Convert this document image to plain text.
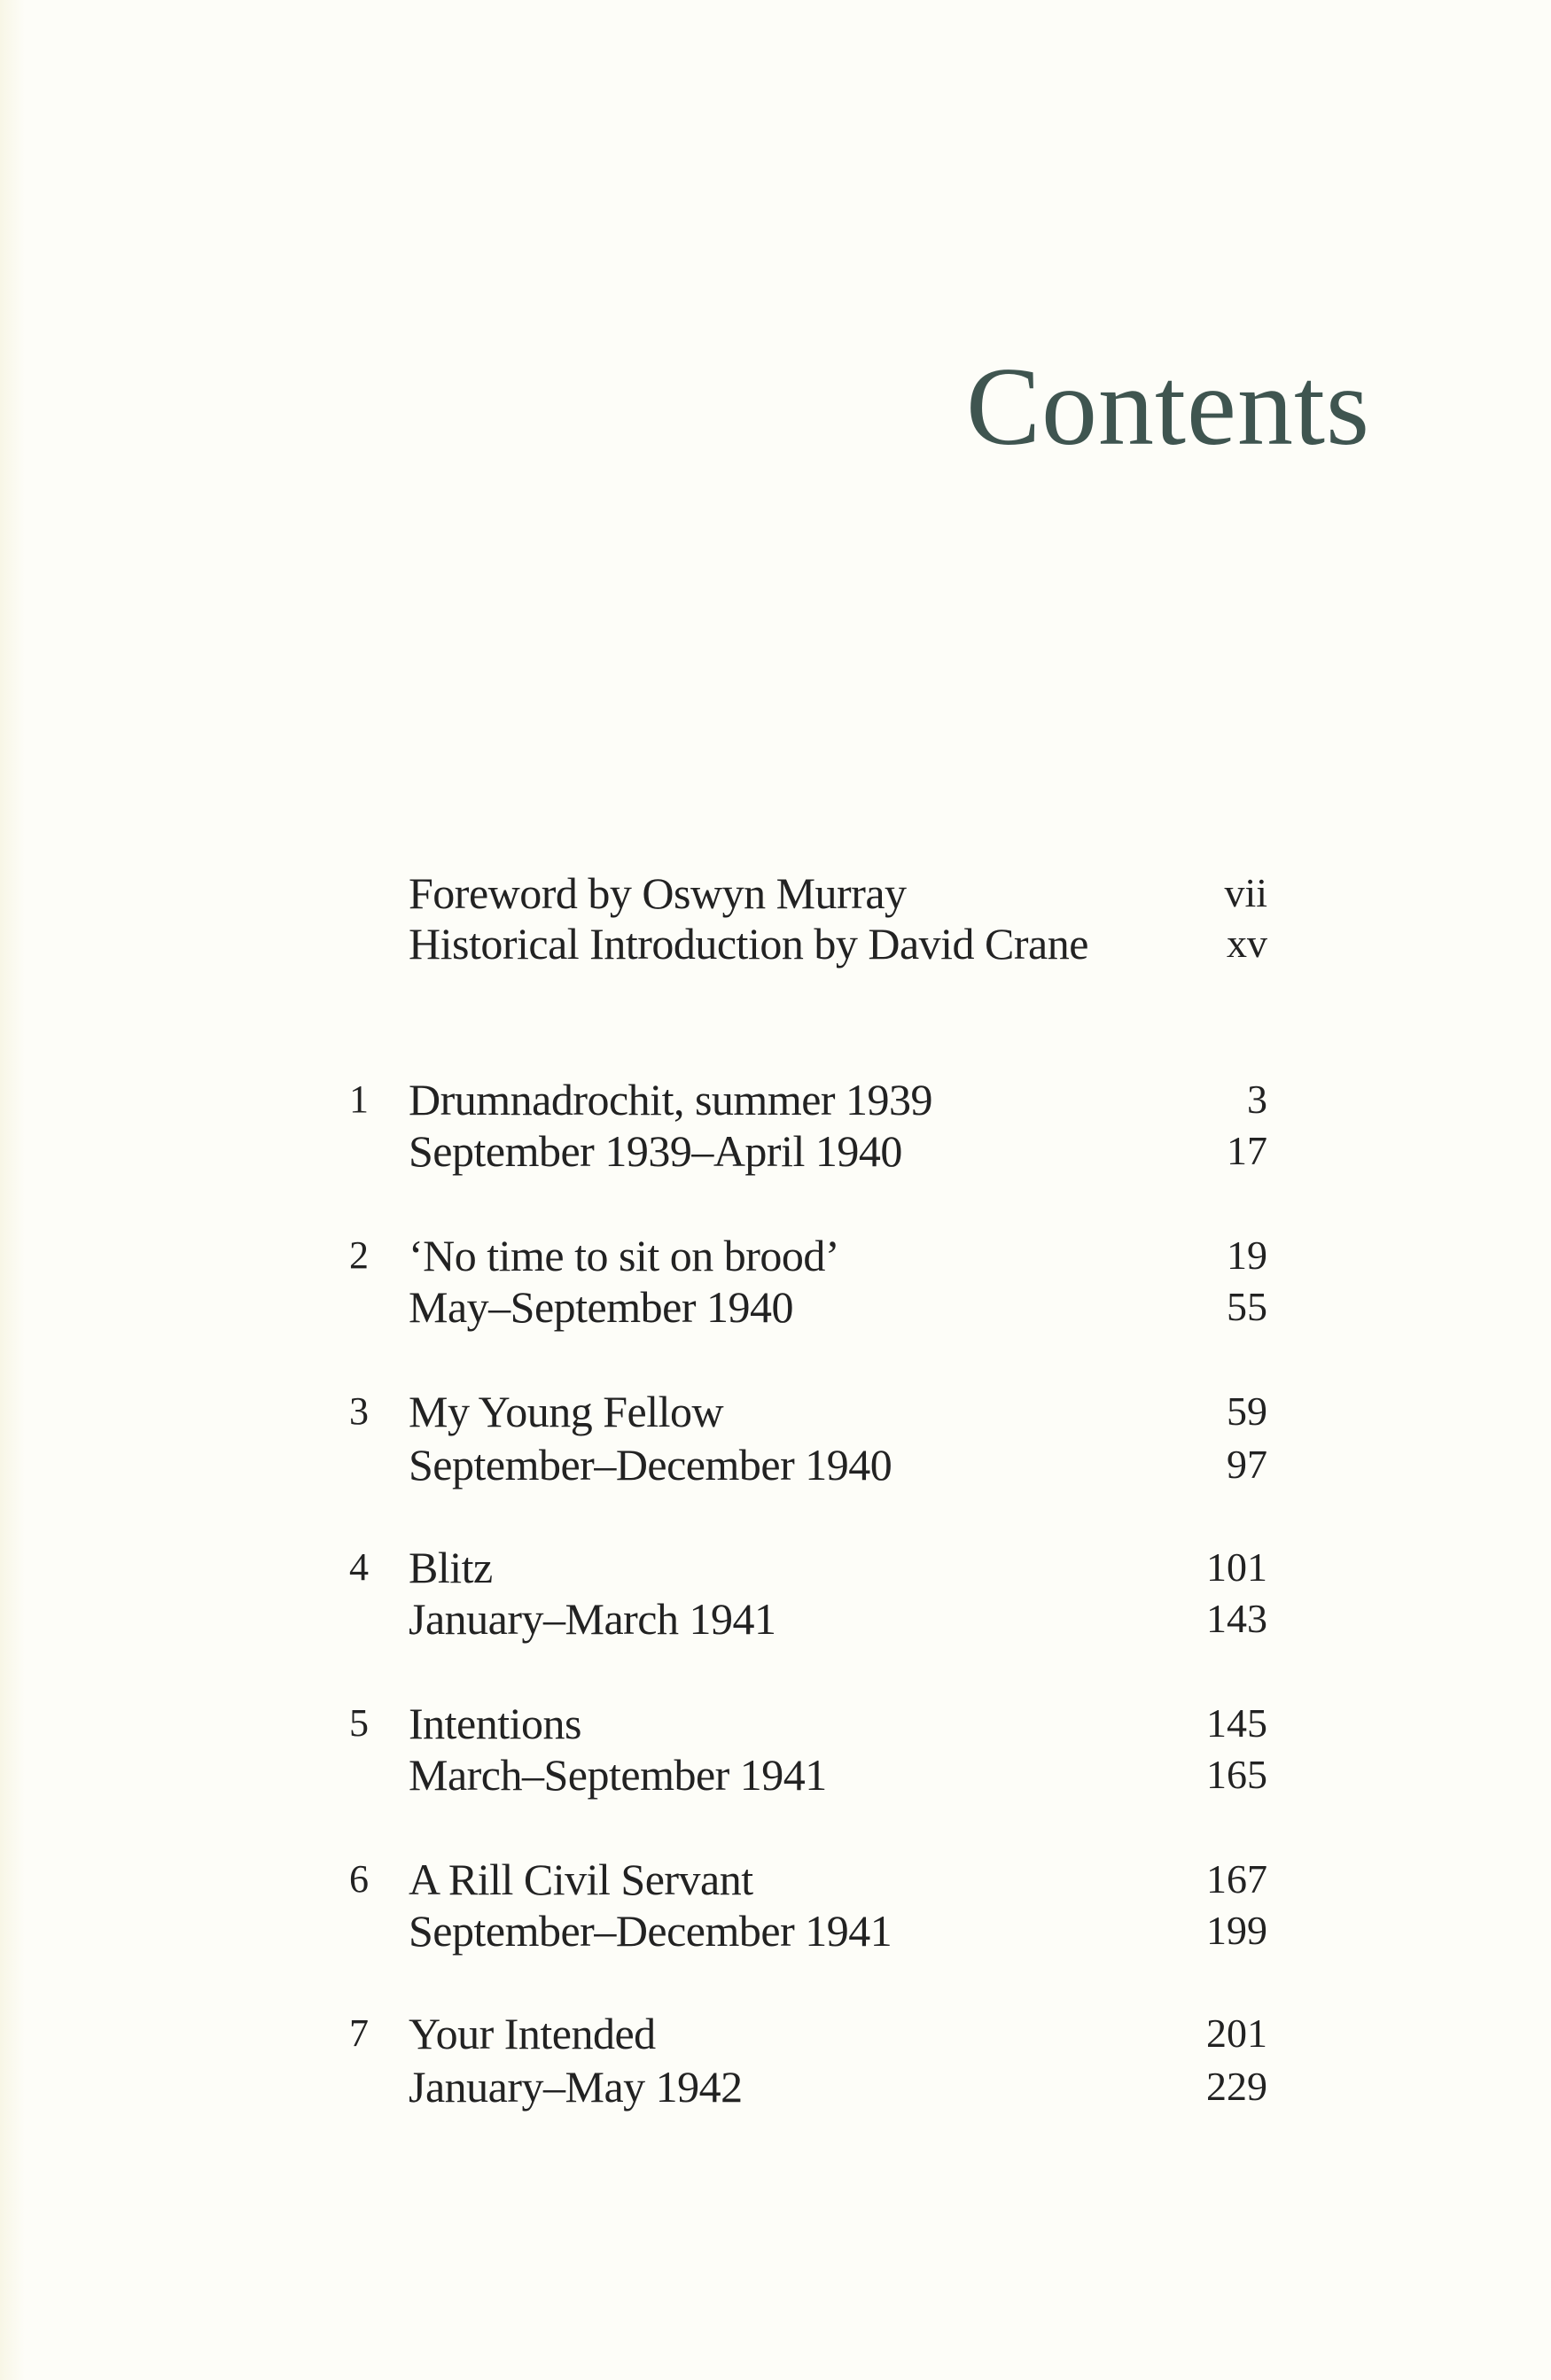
Contents
Foreword by Oswyn Murray	vii
Historical Introduction by David Crane	xv
1 Drumnadrochit, summer 1939	3
September 1939–April 1940	17
2 ‘No time to sit on brood’	19
May–September 1940	55
3 My Young Fellow	59
September–December 1940	97
4 Blitz	101
January–March 1941	143
5 Intentions	145
March–September 1941	165
6 A Rill Civil Servant	167
September–December 1941	199
7 Your Intended	201
January–May 1942	229
